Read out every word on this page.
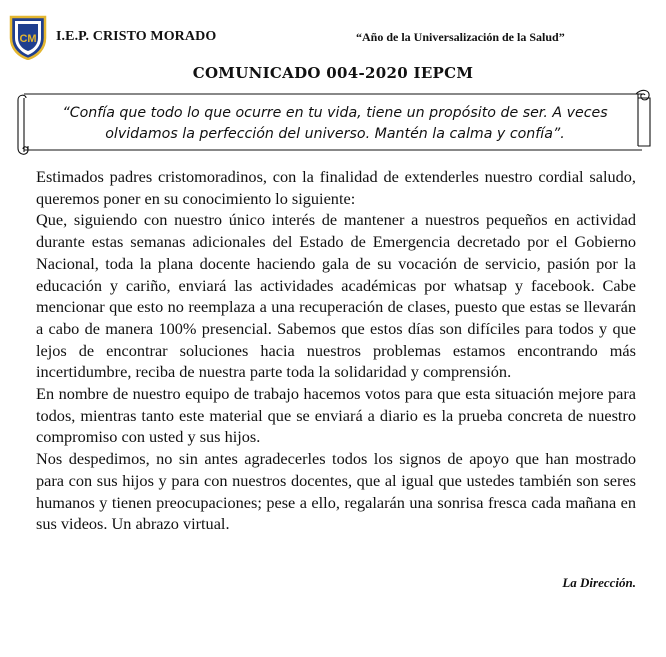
CM I.E.P. CRISTO MORADO	“Año de la Universalización de la Salud”
COMUNICADO 004-2020 IEPCM
“Confía que todo lo que ocurre en tu vida, tiene un propósito de ser. A veces olvidamos la perfección del universo. Mantén la calma y confía”.

Estimados padres cristomoradinos, con la finalidad de extenderles nuestro cordial saludo, queremos poner en su conocimiento lo siguiente:

Que, siguiendo con nuestro único interés de mantener a nuestros pequeños en actividad durante estas semanas adicionales del Estado de Emergencia decretado por el Gobierno Nacional, toda la plana docente haciendo gala de su vocación de servicio, pasión por la educación y cariño, enviará las actividades académicas por whatsap y facebook. Cabe mencionar que esto no reemplaza a una recuperación de clases, puesto que estas se llevarán a cabo de manera 100% presencial. Sabemos que estos días son difíciles para todos y que lejos de encontrar soluciones hacia nuestros problemas estamos encontrando más incertidumbre, reciba de nuestra parte toda la solidaridad y comprensión.

En nombre de nuestro equipo de trabajo hacemos votos para que esta situación mejore para todos, mientras tanto este material que se enviará a diario es la prueba concreta de nuestro compromiso con usted y sus hijos.

Nos despedimos, no sin antes agradecerles todos los signos de apoyo que han mostrado para con sus hijos y para con nuestros docentes, que al igual que ustedes también son seres humanos y tienen preocupaciones; pese a ello, regalarán una sonrisa fresca cada mañana en sus videos. Un abrazo virtual.

La Dirección.
